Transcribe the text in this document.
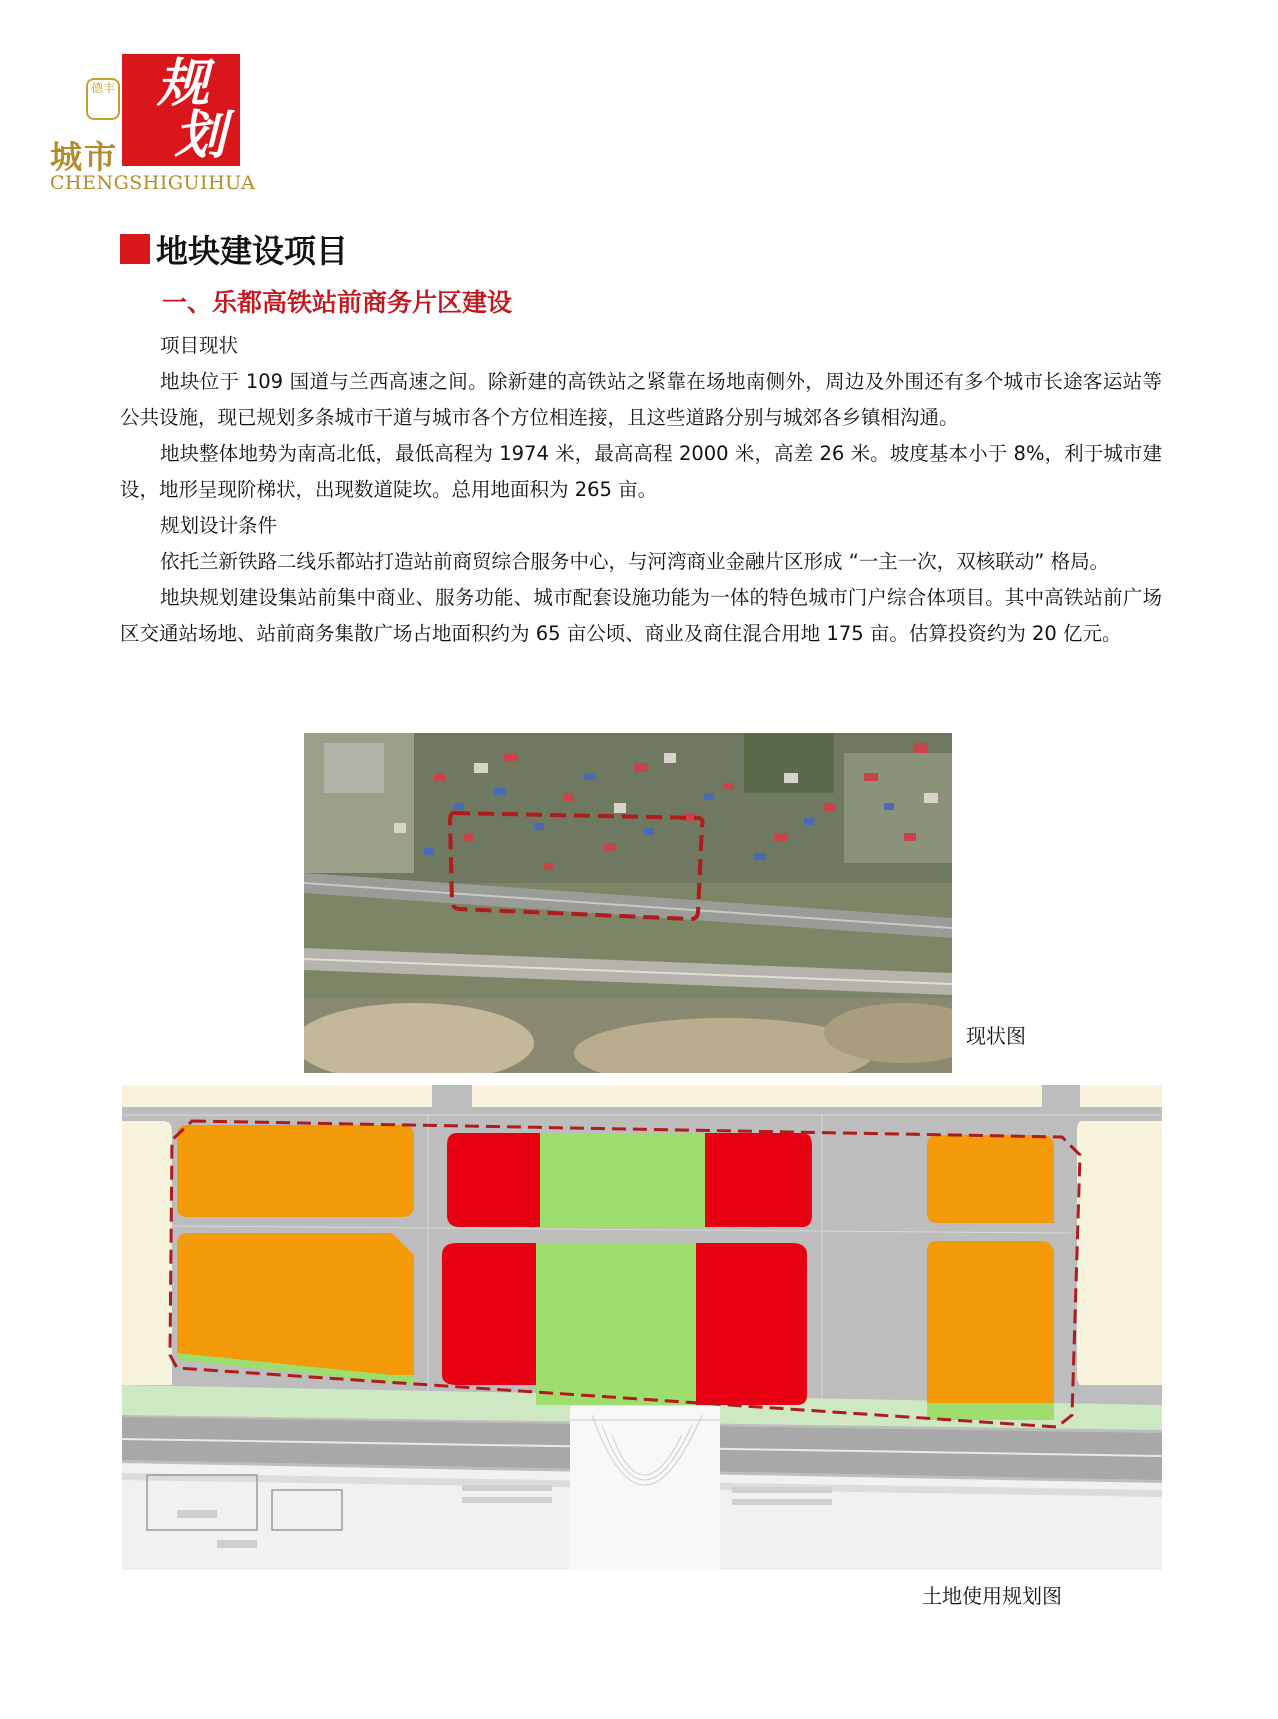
规
划
德丰
城市
CHENGSHIGUIHUA
地块建设项目
一、乐都高铁站前商务片区建设

项目现状

地块位于 109 国道与兰西高速之间。除新建的高铁站之紧靠在场地南侧外，周边及外围还有多个城市长途客运站等公共设施，现已规划多条城市干道与城市各个方位相连接，且这些道路分别与城郊各乡镇相沟通。

地块整体地势为南高北低，最低高程为 1974 米，最高高程 2000 米，高差 26 米。坡度基本小于 8%，利于城市建设，地形呈现阶梯状，出现数道陡坎。总用地面积为 265 亩。

规划设计条件

依托兰新铁路二线乐都站打造站前商贸综合服务中心，与河湾商业金融片区形成 “一主一次，双核联动” 格局。

地块规划建设集站前集中商业、服务功能、城市配套设施功能为一体的特色城市门户综合体项目。其中高铁站前广场区交通站场地、站前商务集散广场占地面积约为 65 亩公顷、商业及商住混合用地 175 亩。估算投资约为 20 亿元。

现状图
土地使用规划图
